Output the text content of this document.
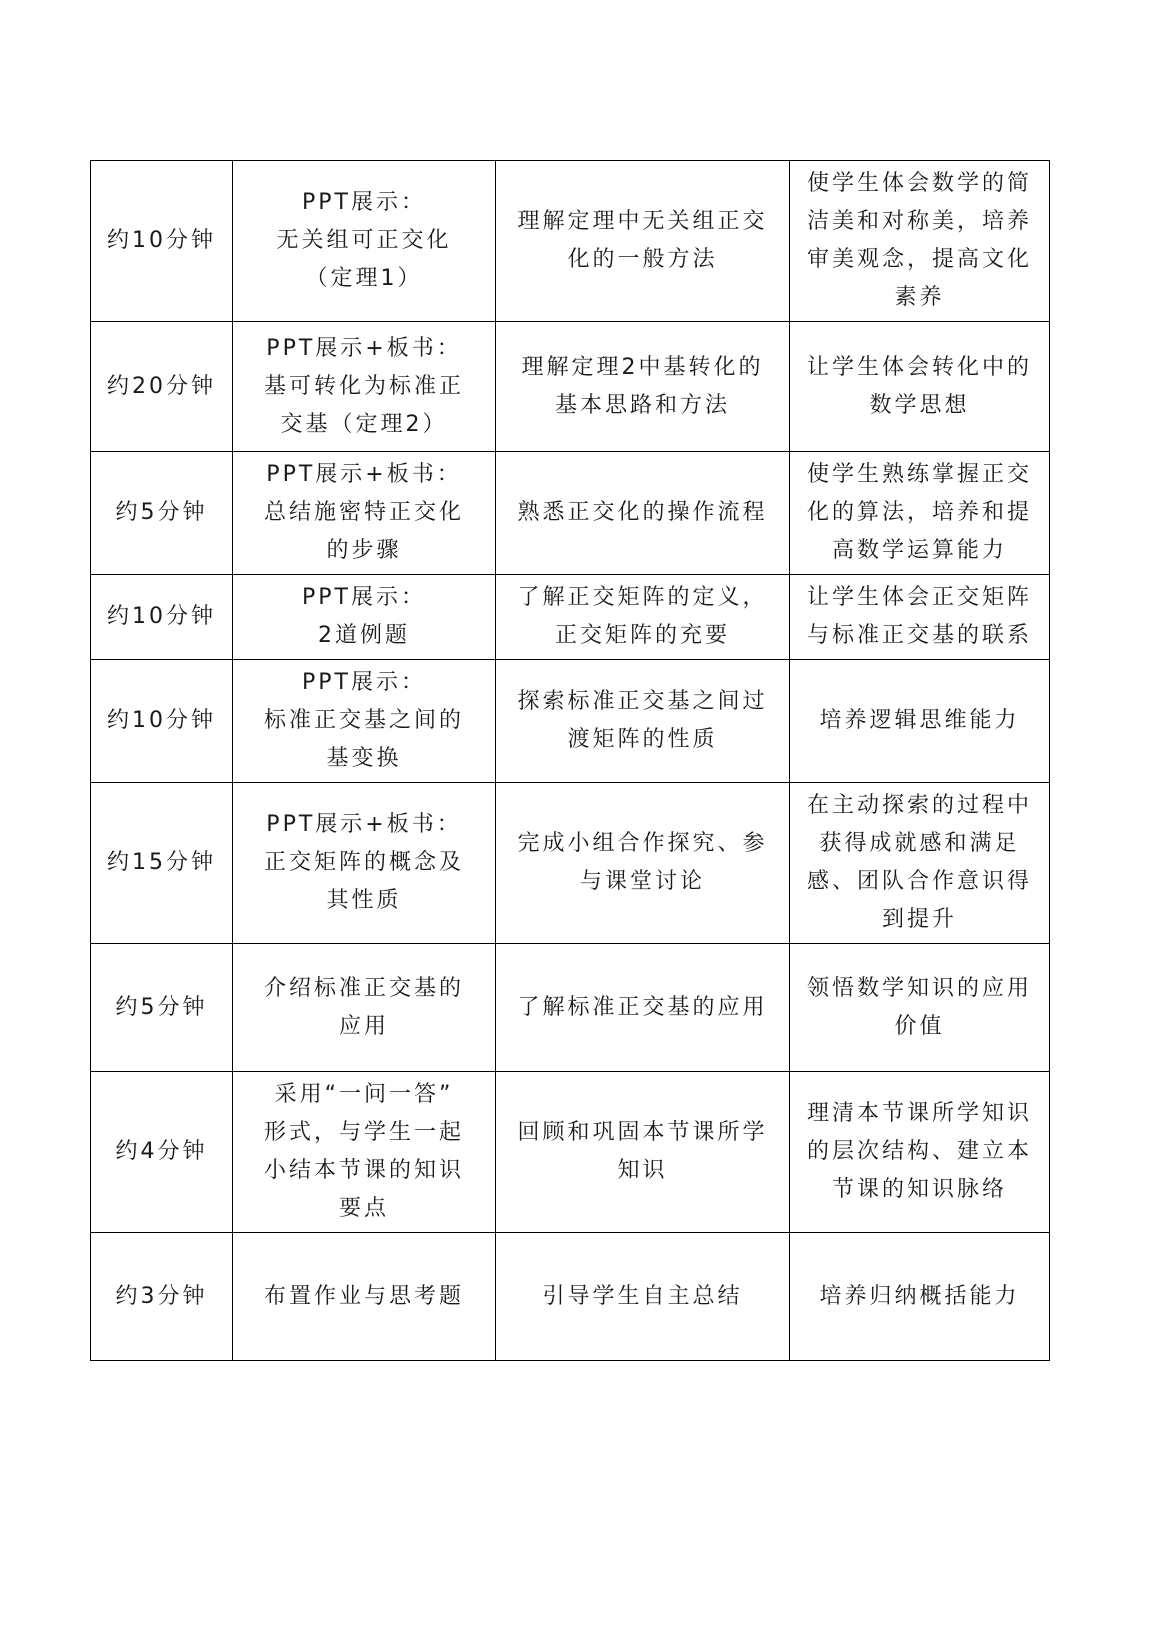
约10分钟	PPT展示：
无关组可正交化
（定理1）	理解定理中无关组正交
化的一般方法	使学生体会数学的简
洁美和对称美，培养
审美观念，提高文化
素养

约20分钟	PPT展示+板书：
基可转化为标准正
交基（定理2）	理解定理2中基转化的
基本思路和方法	让学生体会转化中的
数学思想

约5分钟	PPT展示+板书：
总结施密特正交化
的步骤	熟悉正交化的操作流程	使学生熟练掌握正交
化的算法，培养和提
高数学运算能力

约10分钟	PPT展示：
2道例题	了解正交矩阵的定义，
正交矩阵的充要	让学生体会正交矩阵
与标准正交基的联系

约10分钟	PPT展示：
标准正交基之间的
基变换	探索标准正交基之间过
渡矩阵的性质	培养逻辑思维能力

约15分钟	PPT展示+板书：
正交矩阵的概念及
其性质	完成小组合作探究、参
与课堂讨论	在主动探索的过程中
获得成就感和满足
感、团队合作意识得
到提升

约5分钟	介绍标准正交基的
应用	了解标准正交基的应用	领悟数学知识的应用
价值

约4分钟	采用“一问一答”
形式，与学生一起
小结本节课的知识
要点	回顾和巩固本节课所学
知识	理清本节课所学知识
的层次结构、建立本
节课的知识脉络

约3分钟	布置作业与思考题	引导学生自主总结	培养归纳概括能力
